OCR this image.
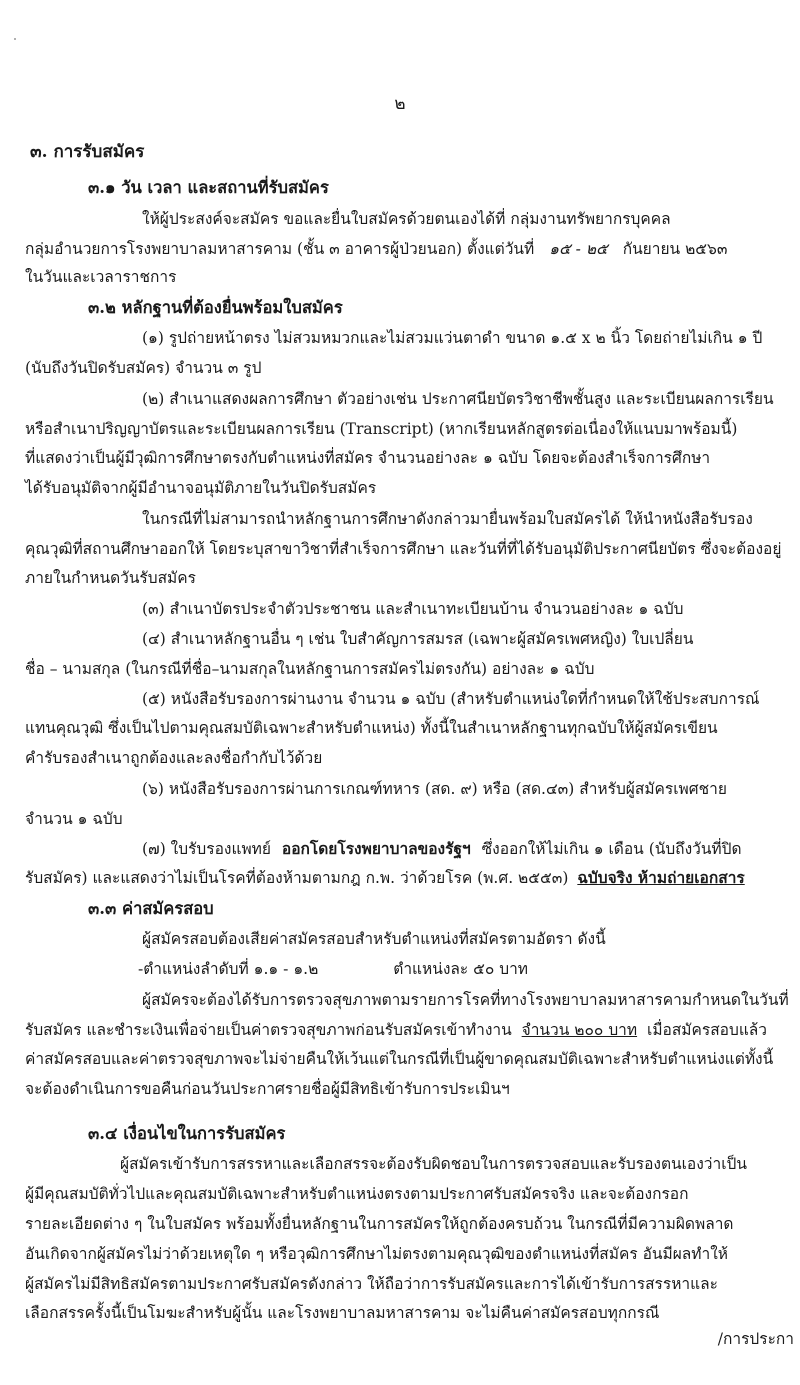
๒
๓. การรับสมัคร
๓.๑ วัน เวลา และสถานที่รับสมัคร
ให้ผู้ประสงค์จะสมัคร ขอและยื่นใบสมัครด้วยตนเองได้ที่ กลุ่มงานทรัพยากรบุคคล
กลุ่มอำนวยการโรงพยาบาลมหาสารคาม (ชั้น ๓ อาคารผู้ป่วยนอก) ตั้งแต่วันที่ ๑๕ - ๒๕ กันยายน ๒๕๖๓
ในวันและเวลาราชการ
๓.๒ หลักฐานที่ต้องยื่นพร้อมใบสมัคร
(๑) รูปถ่ายหน้าตรง ไม่สวมหมวกและไม่สวมแว่นตาดำ ขนาด ๑.๕ x ๒ นิ้ว โดยถ่ายไม่เกิน ๑ ปี
(นับถึงวันปิดรับสมัคร) จำนวน ๓ รูป
(๒) สำเนาแสดงผลการศึกษา ตัวอย่างเช่น ประกาศนียบัตรวิชาชีพชั้นสูง และระเบียนผลการเรียน
หรือสำเนาปริญญาบัตรและระเบียนผลการเรียน (Transcript) (หากเรียนหลักสูตรต่อเนื่องให้แนบมาพร้อมนี้)
ที่แสดงว่าเป็นผู้มีวุฒิการศึกษาตรงกับตำแหน่งที่สมัคร จำนวนอย่างละ ๑ ฉบับ โดยจะต้องสำเร็จการศึกษา
ได้รับอนุมัติจากผู้มีอำนาจอนุมัติภายในวันปิดรับสมัคร
ในกรณีที่ไม่สามารถนำหลักฐานการศึกษาดังกล่าวมายื่นพร้อมใบสมัครได้ ให้นำหนังสือรับรอง
คุณวุฒิที่สถานศึกษาออกให้ โดยระบุสาขาวิชาที่สำเร็จการศึกษา และวันที่ที่ได้รับอนุมัติประกาศนียบัตร ซึ่งจะต้องอยู่
ภายในกำหนดวันรับสมัคร
(๓) สำเนาบัตรประจำตัวประชาชน และสำเนาทะเบียนบ้าน จำนวนอย่างละ ๑ ฉบับ
(๔) สำเนาหลักฐานอื่น ๆ เช่น ใบสำคัญการสมรส (เฉพาะผู้สมัครเพศหญิง) ใบเปลี่ยน
ชื่อ – นามสกุล (ในกรณีที่ชื่อ–นามสกุลในหลักฐานการสมัครไม่ตรงกัน) อย่างละ ๑ ฉบับ
(๕) หนังสือรับรองการผ่านงาน จำนวน ๑ ฉบับ (สำหรับตำแหน่งใดที่กำหนดให้ใช้ประสบการณ์
แทนคุณวุฒิ ซึ่งเป็นไปตามคุณสมบัติเฉพาะสำหรับตำแหน่ง) ทั้งนี้ในสำเนาหลักฐานทุกฉบับให้ผู้สมัครเขียน
คำรับรองสำเนาถูกต้องและลงชื่อกำกับไว้ด้วย
(๖) หนังสือรับรองการผ่านการเกณฑ์ทหาร (สด. ๙) หรือ (สด.๔๓) สำหรับผู้สมัครเพศชาย
จำนวน ๑ ฉบับ
(๗) ใบรับรองแพทย์ ออกโดยโรงพยาบาลของรัฐฯ ซึ่งออกให้ไม่เกิน ๑ เดือน (นับถึงวันที่ปิด
รับสมัคร) และแสดงว่าไม่เป็นโรคที่ต้องห้ามตามกฎ ก.พ. ว่าด้วยโรค (พ.ศ. ๒๕๕๓) ฉบับจริง ห้ามถ่ายเอกสาร
๓.๓ ค่าสมัครสอบ
ผู้สมัครสอบต้องเสียค่าสมัครสอบสำหรับตำแหน่งที่สมัครตามอัตรา ดังนี้
-ตำแหน่งลำดับที่ ๑.๑ - ๑.๒	ตำแหน่งละ ๕๐ บาท
ผู้สมัครจะต้องได้รับการตรวจสุขภาพตามรายการโรคที่ทางโรงพยาบาลมหาสารคามกำหนดในวันที่
รับสมัคร และชำระเงินเพื่อจ่ายเป็นค่าตรวจสุขภาพก่อนรับสมัครเข้าทำงาน จำนวน ๒๐๐ บาท เมื่อสมัครสอบแล้ว
ค่าสมัครสอบและค่าตรวจสุขภาพจะไม่จ่ายคืนให้เว้นแต่ในกรณีที่เป็นผู้ขาดคุณสมบัติเฉพาะสำหรับตำแหน่งแต่ทั้งนี้
จะต้องดำเนินการขอคืนก่อนวันประกาศรายชื่อผู้มีสิทธิเข้ารับการประเมินฯ
๓.๔ เงื่อนไขในการรับสมัคร
ผู้สมัครเข้ารับการสรรหาและเลือกสรรจะต้องรับผิดชอบในการตรวจสอบและรับรองตนเองว่าเป็น
ผู้มีคุณสมบัติทั่วไปและคุณสมบัติเฉพาะสำหรับตำแหน่งตรงตามประกาศรับสมัครจริง และจะต้องกรอก
รายละเอียดต่าง ๆ ในใบสมัคร พร้อมทั้งยื่นหลักฐานในการสมัครให้ถูกต้องครบถ้วน ในกรณีที่มีความผิดพลาด
อันเกิดจากผู้สมัครไม่ว่าด้วยเหตุใด ๆ หรือวุฒิการศึกษาไม่ตรงตามคุณวุฒิของตำแหน่งที่สมัคร อันมีผลทำให้
ผู้สมัครไม่มีสิทธิสมัครตามประกาศรับสมัครดังกล่าว ให้ถือว่าการรับสมัครและการได้เข้ารับการสรรหาและ
เลือกสรรครั้งนี้เป็นโมฆะสำหรับผู้นั้น และโรงพยาบาลมหาสารคาม จะไม่คืนค่าสมัครสอบทุกกรณี
/การประกา
